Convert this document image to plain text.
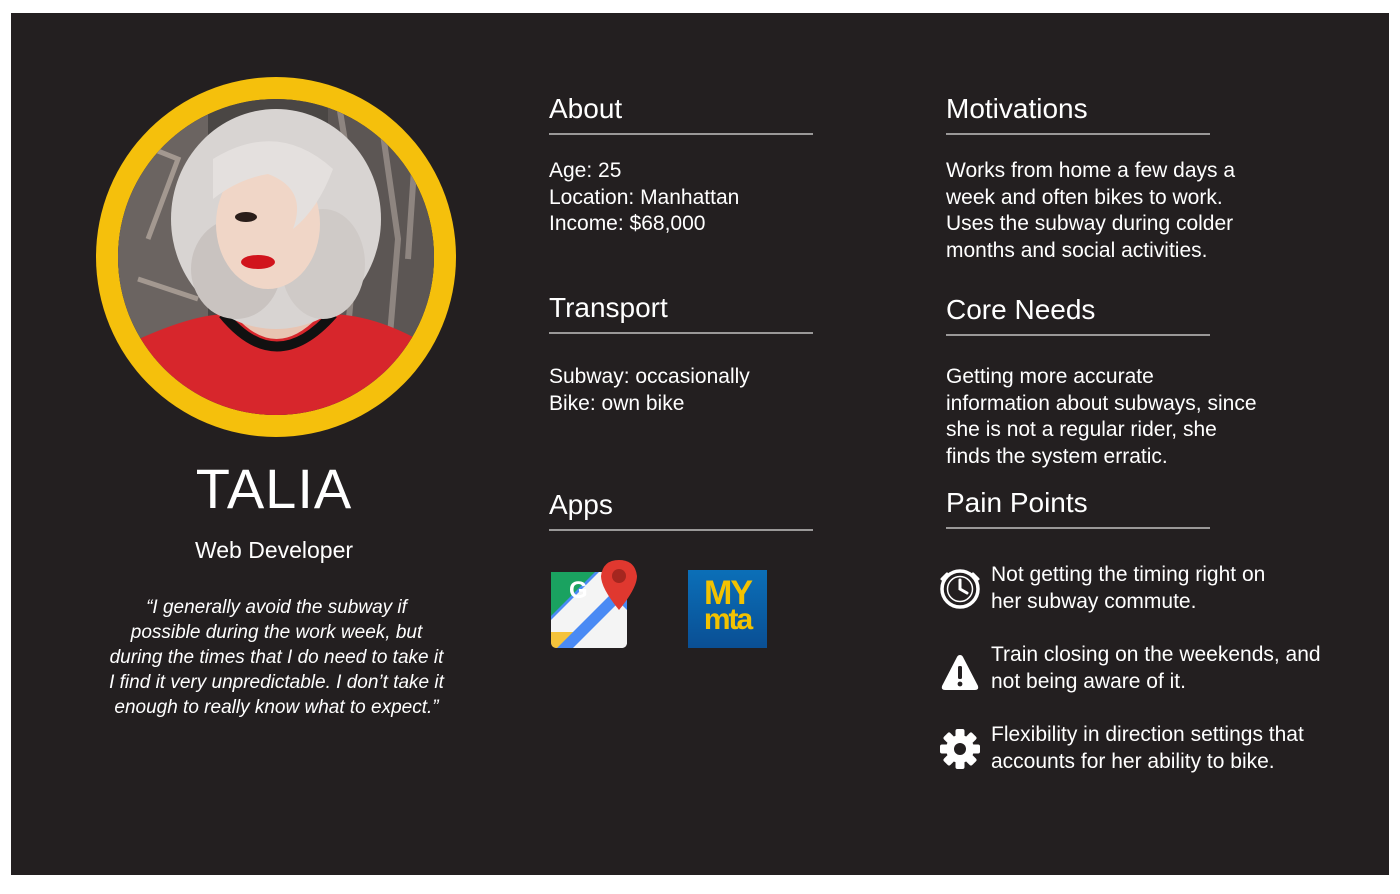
TALIA
Web Developer
“I generally avoid the subway if possible during the work week, but during the times that I do need to take it I find it very unpredictable. I don’t take it enough to really know what to expect.”
About
Age: 25
Location: Manhattan
Income: $68,000
Transport
Subway: occasionally
Bike: own bike
Apps
G	MY
mta
Motivations
Works from home a few days a
week and often bikes to work.
Uses the subway during colder
months and social activities.
Core Needs
Getting more accurate
information about subways, since
she is not a regular rider, she
finds the system erratic.
Pain Points
Not getting the timing right on
her subway commute.
Train closing on the weekends, and
not being aware of it.
Flexibility in direction settings that
accounts for her ability to bike.
